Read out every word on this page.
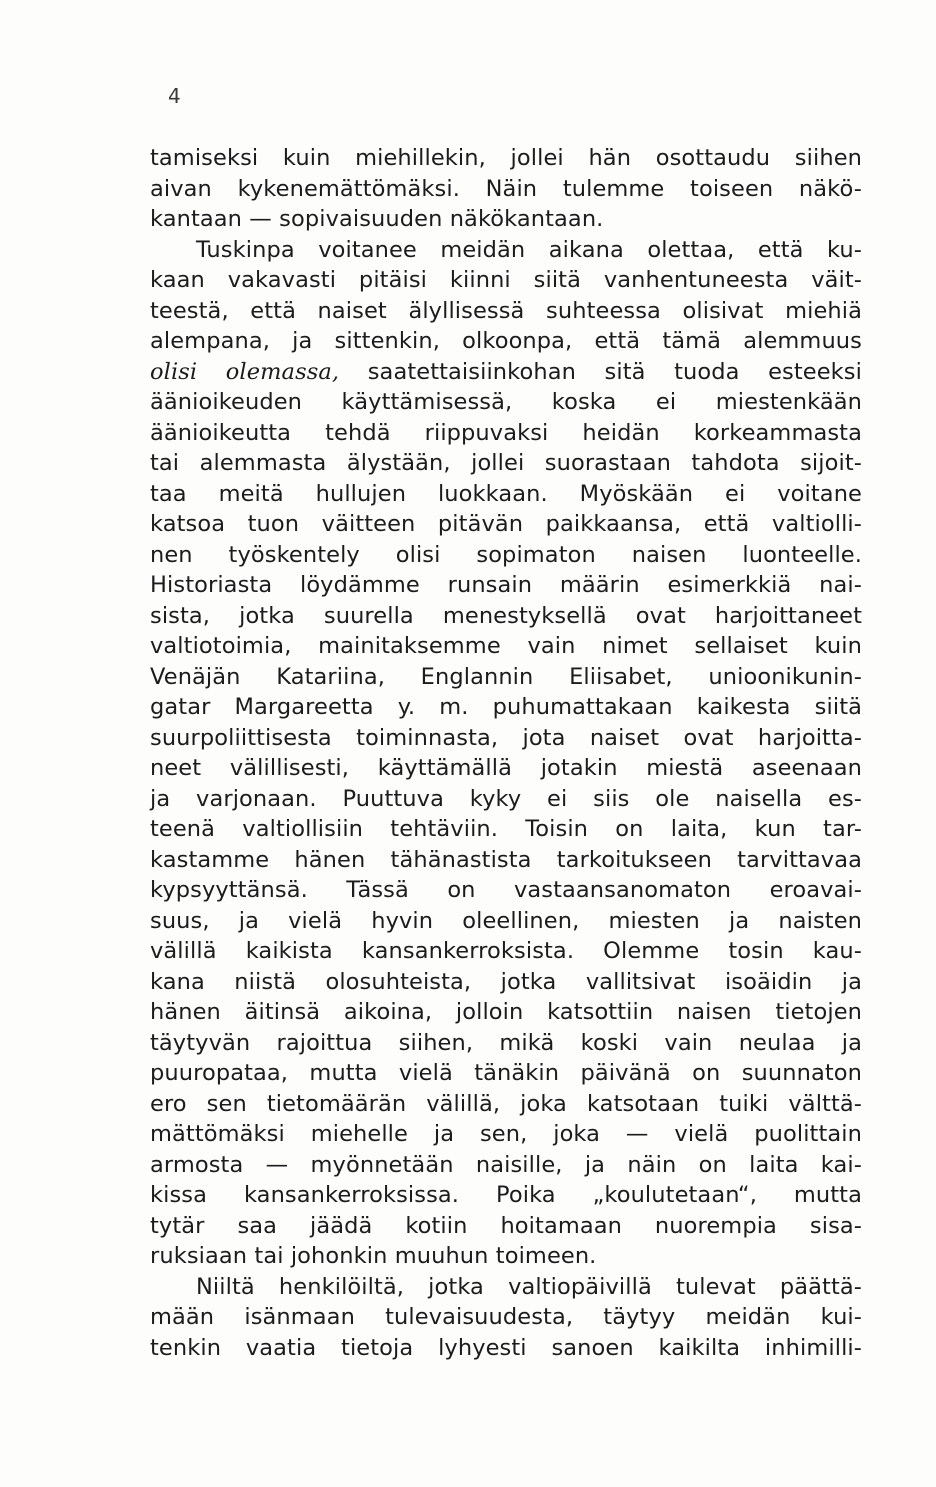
4
tamiseksi kuin miehillekin, jollei hän osottaudu siihen
aivan kykenemättömäksi. Näin tulemme toiseen näkö-
kantaan — sopivaisuuden näkökantaan.
Tuskinpa voitanee meidän aikana olettaa, että ku-
kaan vakavasti pitäisi kiinni siitä vanhentuneesta väit-
teestä, että naiset älyllisessä suhteessa olisivat miehiä
alempana, ja sittenkin, olkoonpa, että tämä alemmuus
olisi olemassa, saatettaisiinkohan sitä tuoda esteeksi
äänioikeuden käyttämisessä, koska ei miestenkään
äänioikeutta tehdä riippuvaksi heidän korkeammasta
tai alemmasta älystään, jollei suorastaan tahdota sijoit-
taa meitä hullujen luokkaan. Myöskään ei voitane
katsoa tuon väitteen pitävän paikkaansa, että valtiolli-
nen työskentely olisi sopimaton naisen luonteelle.
Historiasta löydämme runsain määrin esimerkkiä nai-
sista, jotka suurella menestyksellä ovat harjoittaneet
valtiotoimia, mainitaksemme vain nimet sellaiset kuin
Venäjän Katariina, Englannin Eliisabet, unioonikunin-
gatar Margareetta y. m. puhumattakaan kaikesta siitä
suurpoliittisesta toiminnasta, jota naiset ovat harjoitta-
neet välillisesti, käyttämällä jotakin miestä aseenaan
ja varjonaan. Puuttuva kyky ei siis ole naisella es-
teenä valtiollisiin tehtäviin. Toisin on laita, kun tar-
kastamme hänen tähänastista tarkoitukseen tarvittavaa
kypsyyttänsä. Tässä on vastaansanomaton eroavai-
suus, ja vielä hyvin oleellinen, miesten ja naisten
välillä kaikista kansankerroksista. Olemme tosin kau-
kana niistä olosuhteista, jotka vallitsivat isoäidin ja
hänen äitinsä aikoina, jolloin katsottiin naisen tietojen
täytyvän rajoittua siihen, mikä koski vain neulaa ja
puuropataa, mutta vielä tänäkin päivänä on suunnaton
ero sen tietomäärän välillä, joka katsotaan tuiki välttä-
mättömäksi miehelle ja sen, joka — vielä puolittain
armosta — myönnetään naisille, ja näin on laita kai-
kissa kansankerroksissa. Poika „koulutetaan“, mutta
tytär saa jäädä kotiin hoitamaan nuorempia sisa-
ruksiaan tai johonkin muuhun toimeen.
Niiltä henkilöiltä, jotka valtiopäivillä tulevat päättä-
mään isänmaan tulevaisuudesta, täytyy meidän kui-
tenkin vaatia tietoja lyhyesti sanoen kaikilta inhimilli-
